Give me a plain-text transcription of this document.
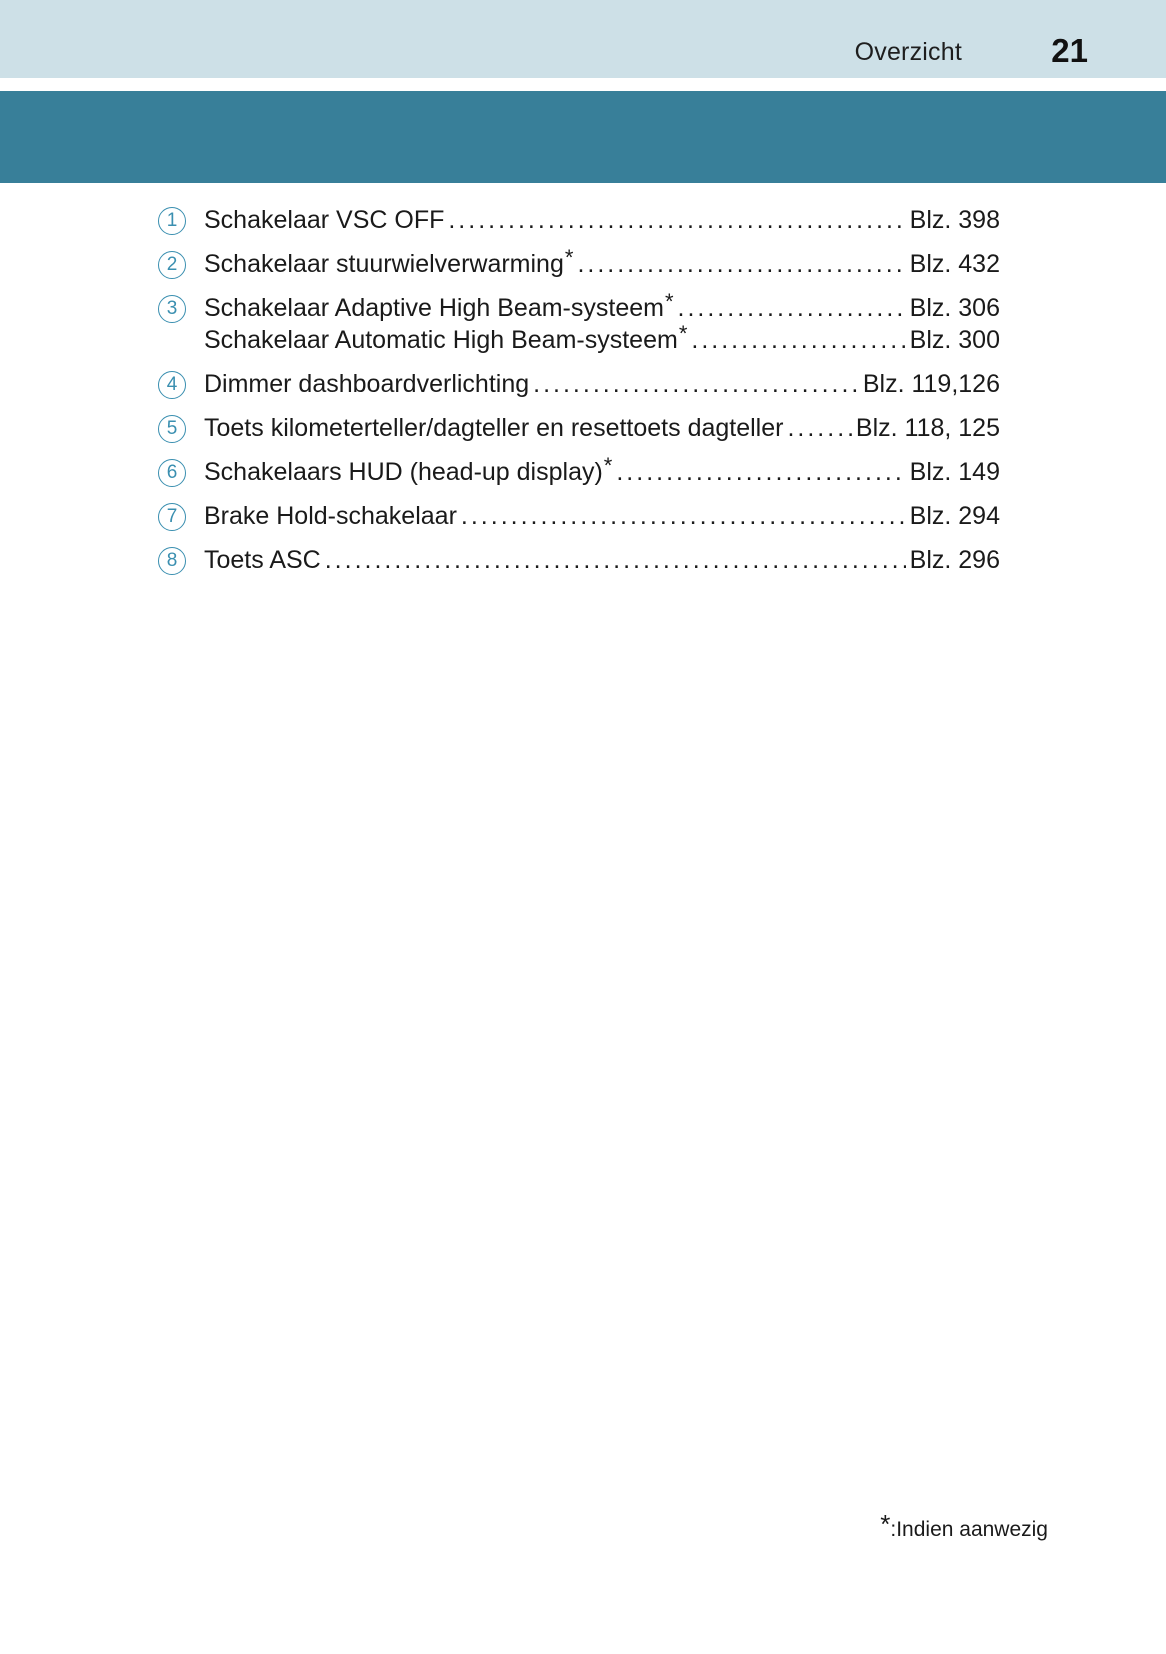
Overzicht	21
1	Schakelaar VSC OFF .....	Blz. 398
2	Schakelaar stuurwielverwarming* .....	Blz. 432
3	Schakelaar Adaptive High Beam-systeem* .....	Blz. 306
Schakelaar Automatic High Beam-systeem* .....	Blz. 300
4	Dimmer dashboardverlichting .....	Blz. 119,126
5	Toets kilometerteller/dagteller en resettoets dagteller .....	Blz. 118, 125
6	Schakelaars HUD (head-up display)* .....	Blz. 149
7	Brake Hold-schakelaar .....	Blz. 294
8	Toets ASC .....	Blz. 296
*:Indien aanwezig
